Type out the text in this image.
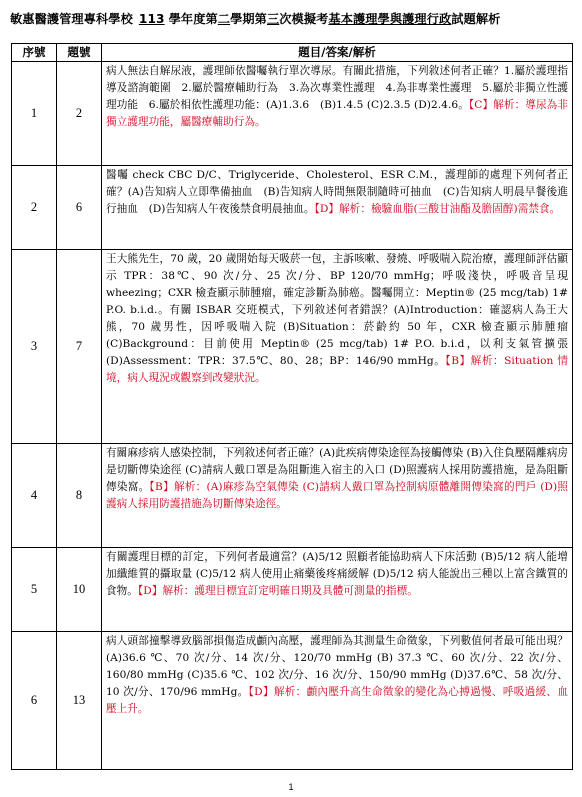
敏惠醫護管理專科學校 113 學年度第二學期第三次模擬考基本護理學與護理行政試題解析
序號	題號	題目/答案/解析
1	2	病人無法自解尿液，護理師依醫囑執行單次導尿。有關此措施，下列敘述何者正確？1.屬於護理指導及諮詢範圍　2.屬於醫療輔助行為　3.為次專業性護理　4.為非專業性護理　5.屬於非獨立性護理功能　6.屬於相依性護理功能：(A)1.3.6　(B)1.4.5 (C)2.3.5 (D)2.4.6。【C】解析：導尿為非獨立護理功能，屬醫療輔助行為。
2	6	醫囑 check CBC D/C、Triglyceride、Cholesterol、ESR C.M.，護理師的處理下列何者正確？(A)告知病人立即準備抽血　(B)告知病人時間無限制隨時可抽血　(C)告知病人明晨早餐後進行抽血　(D)告知病人午夜後禁食明晨抽血。【D】解析：檢驗血脂(三酸甘油酯及膽固醇)需禁食。
3	7	王大熊先生，70 歲，20 歲開始每天吸菸一包，主訴咳嗽、發燒、呼吸喘入院治療，護理師評估顯示 TPR：38℃、90 次/分、25 次/分、BP 120/70 mmHg；呼吸淺快，呼吸音呈現 wheezing；CXR 檢查顯示肺腫瘤，確定診斷為肺癌。醫囑開立：Meptin® (25 mcg/tab) 1# P.O. b.i.d.。有關 ISBAR 交班模式，下列敘述何者錯誤？(A)Introduction：確認病人為王大熊，70 歲男性，因呼吸喘入院 (B)Situation：菸齡約 50 年，CXR 檢查顯示肺腫瘤 (C)Background：目前使用 Meptin® (25 mcg/tab) 1# P.O. b.i.d，以利支氣管擴張 (D)Assessment：TPR：37.5℃、80、28；BP：146/90 mmHg。【B】解析：Situation 情境，病人現況或觀察到改變狀況。
4	8	有關麻疹病人感染控制，下列敘述何者正確？(A)此疾病傳染途徑為接觸傳染 (B)入住負壓隔離病房是切斷傳染途徑 (C)請病人戴口罩是為阻斷進入宿主的入口 (D)照護病人採用防護措施，是為阻斷傳染窩。【B】解析：(A)麻疹為空氣傳染 (C)請病人戴口罩為控制病原體離開傳染窩的門戶 (D)照護病人採用防護措施為切斷傳染途徑。
5	10	有關護理目標的訂定，下列何者最適當？(A)5/12 照顧者能協助病人下床活動 (B)5/12 病人能增加纖維質的攝取量 (C)5/12 病人使用止痛藥後疼痛緩解 (D)5/12 病人能說出三種以上富含鐵質的食物。【D】解析：護理目標宜訂定明確日期及具體可測量的指標。
6	13	病人頭部撞擊導致腦部損傷造成顱內高壓，護理師為其測量生命徵象，下列數值何者最可能出現？(A)36.6 ℃、70 次/分、14 次/分、120/70 mmHg (B) 37.3 ℃、60 次/分、22 次/分、160/80 mmHg (C)35.6 ℃、102 次/分、16 次/分、150/90 mmHg (D)37.6℃、58 次/分、10 次/分、170/96 mmHg。【D】解析：顱內壓升高生命徵象的變化為心搏過慢、呼吸過緩、血壓上升。
1
